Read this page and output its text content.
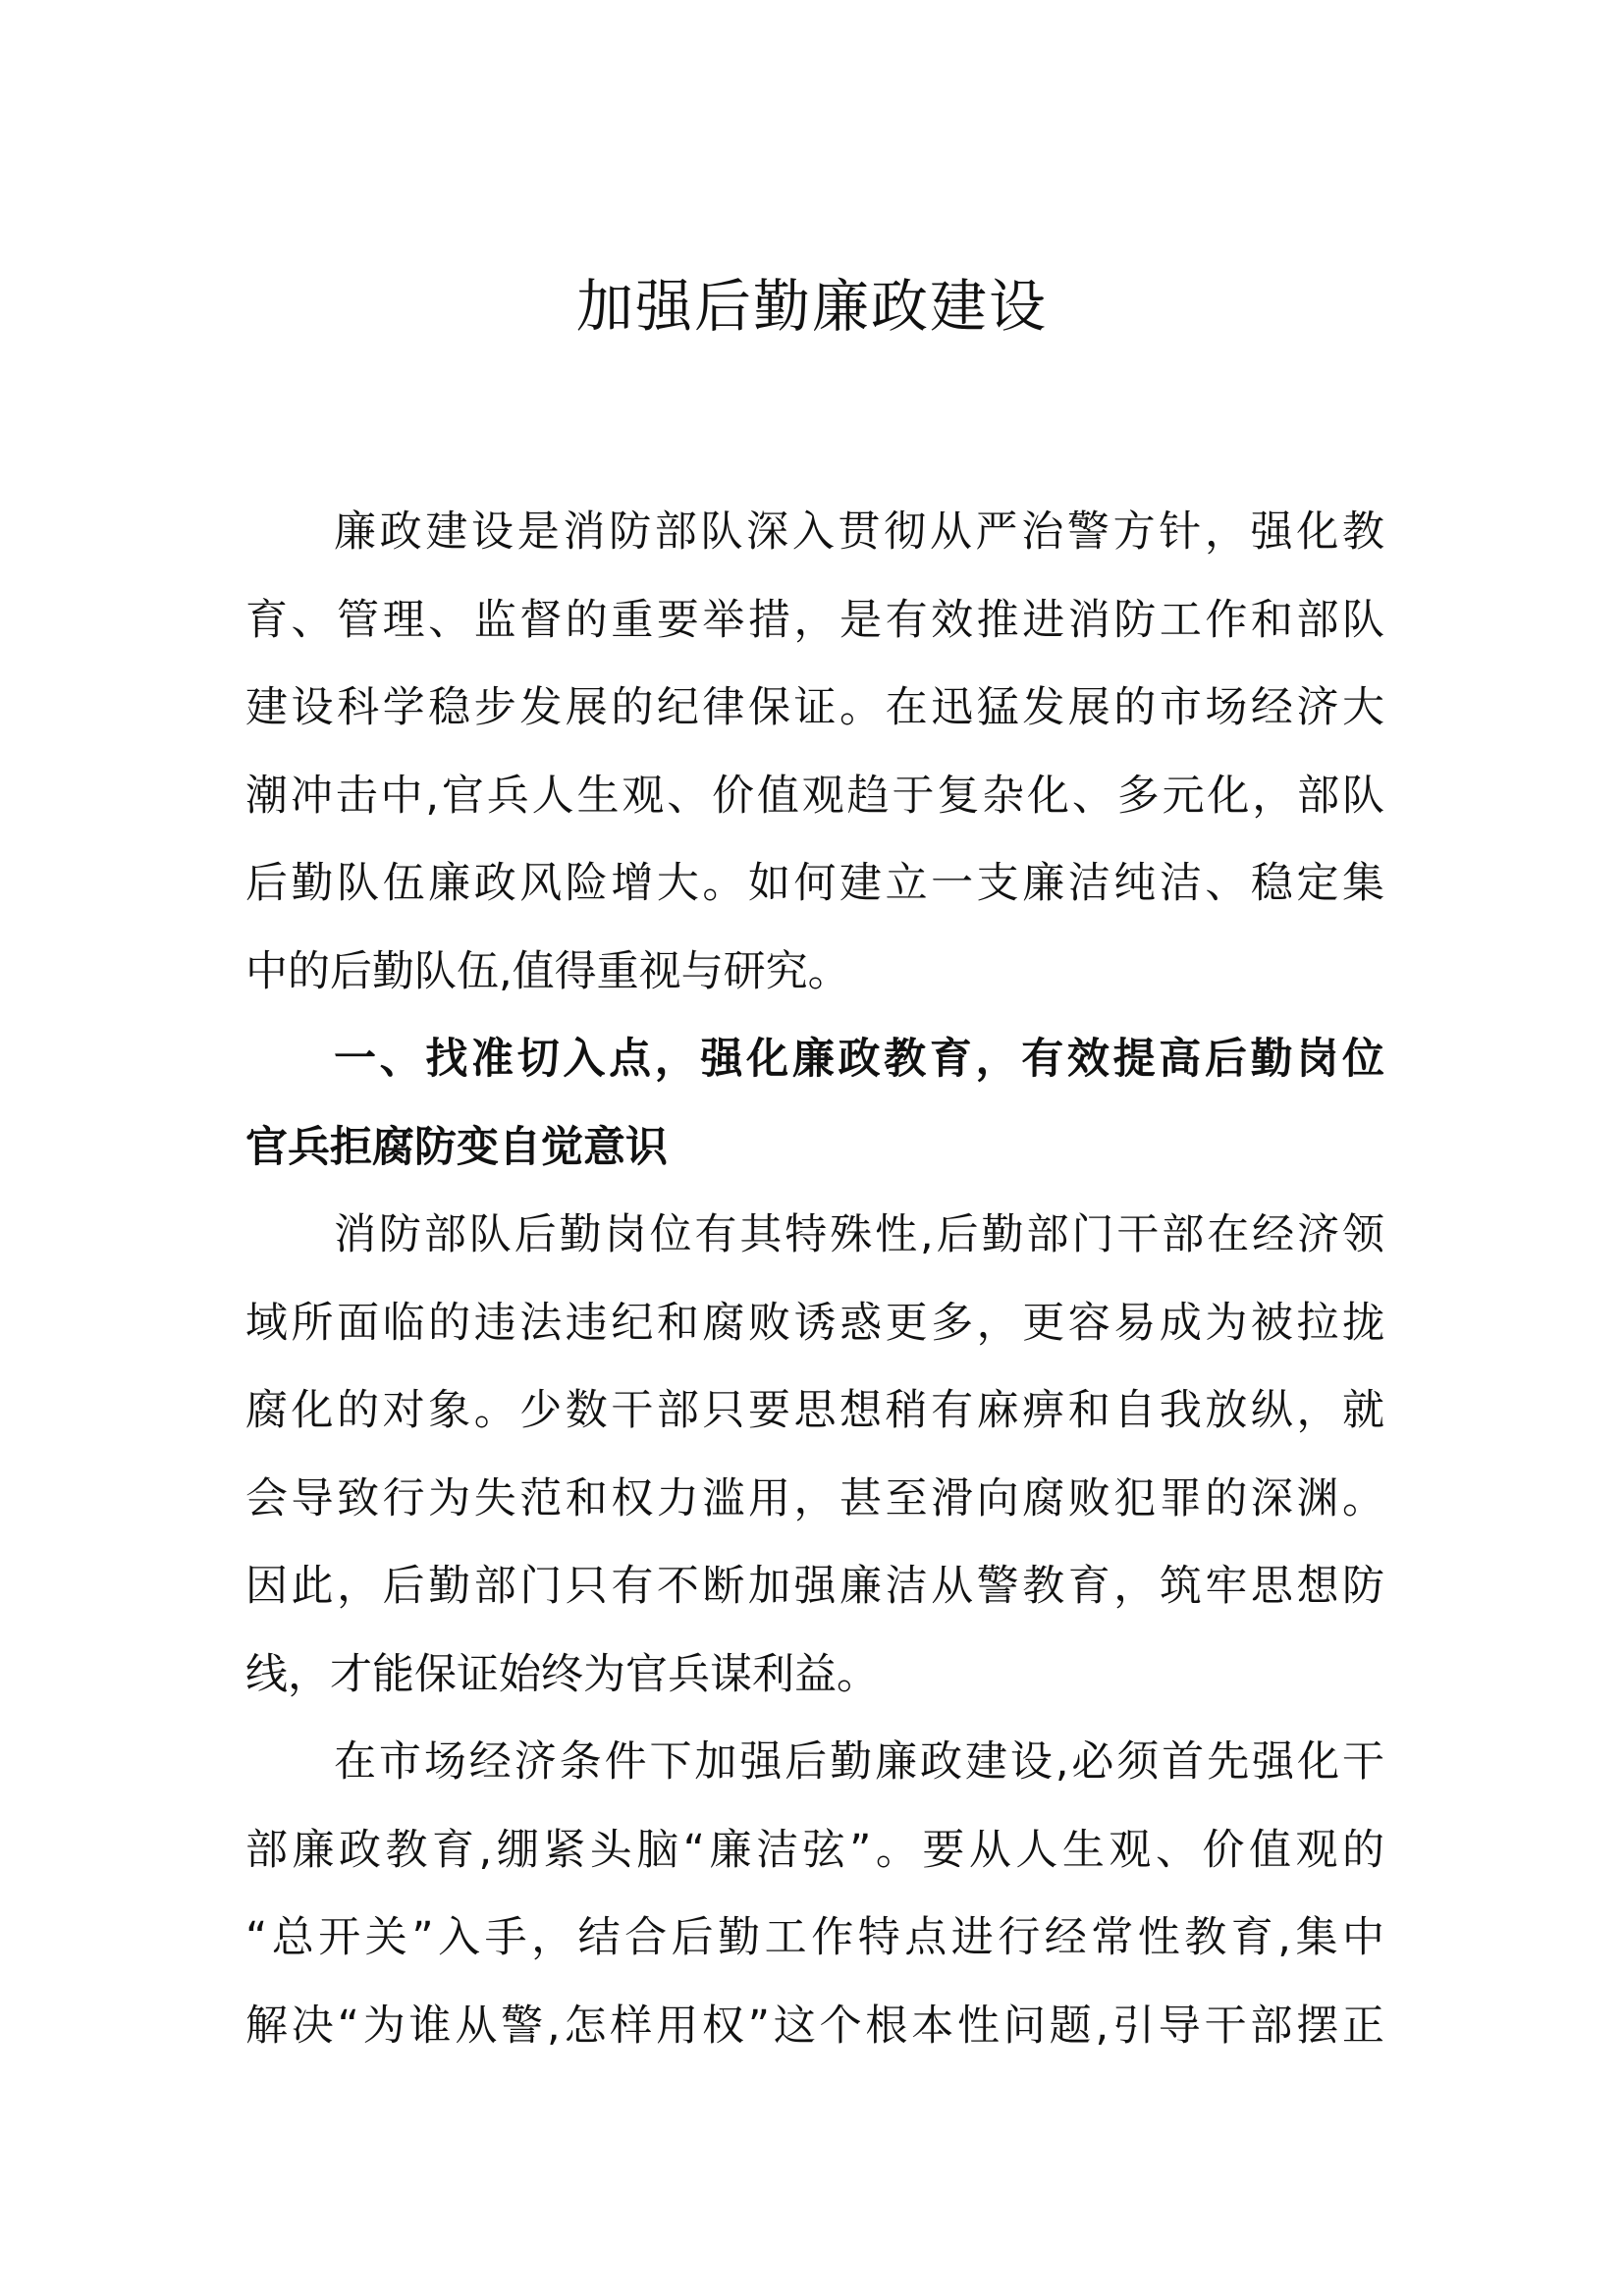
加强后勤廉政建设
廉政建设是消防部队深入贯彻从严治警方针，强化教
育、管理、监督的重要举措，是有效推进消防工作和部队
建设科学稳步发展的纪律保证。在迅猛发展的市场经济大
潮冲击中,官兵人生观、价值观趋于复杂化、多元化，部队
后勤队伍廉政风险增大。如何建立一支廉洁纯洁、稳定集
中的后勤队伍,值得重视与研究。
一、找准切入点，强化廉政教育，有效提高后勤岗位
官兵拒腐防变自觉意识
消防部队后勤岗位有其特殊性,后勤部门干部在经济领
域所面临的违法违纪和腐败诱惑更多，更容易成为被拉拢
腐化的对象。少数干部只要思想稍有麻痹和自我放纵，就
会导致行为失范和权力滥用，甚至滑向腐败犯罪的深渊。
因此，后勤部门只有不断加强廉洁从警教育，筑牢思想防
线，才能保证始终为官兵谋利益。
在市场经济条件下加强后勤廉政建设,必须首先强化干
部廉政教育,绷紧头脑“廉洁弦”。要从人生观、价值观的
“总开关”入手，结合后勤工作特点进行经常性教育,集中
解决“为谁从警,怎样用权”这个根本性问题,引导干部摆正
